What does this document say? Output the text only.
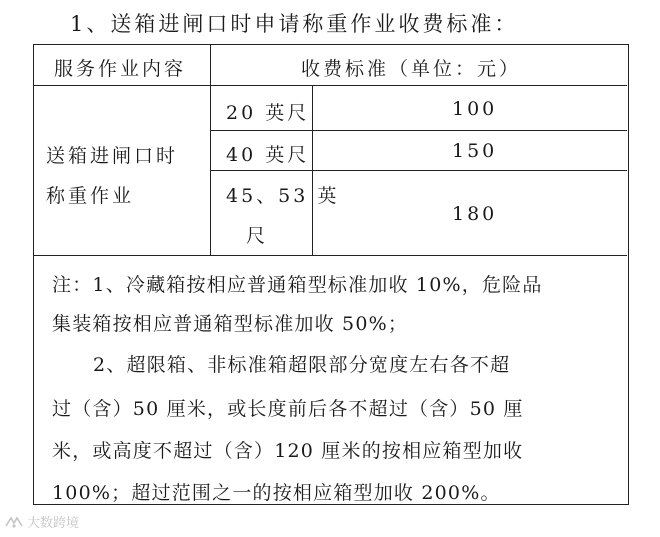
1、送箱进闸口时申请称重作业收费标准：
服务作业内容	收费标准（单位：元）
送箱进闸口时
称重作业
20 英尺
40 英尺
45、53 英
尺
100
150
180
注：1、冷藏箱按相应普通箱型标准加收 10%，危险品
集装箱按相应普通箱型标准加收 50%；
2、超限箱、非标准箱超限部分宽度左右各不超
过（含）50 厘米，或长度前后各不超过（含）50 厘
米，或高度不超过（含）120 厘米的按相应箱型加收
100%；超过范围之一的按相应箱型加收 200%。
大数跨境
